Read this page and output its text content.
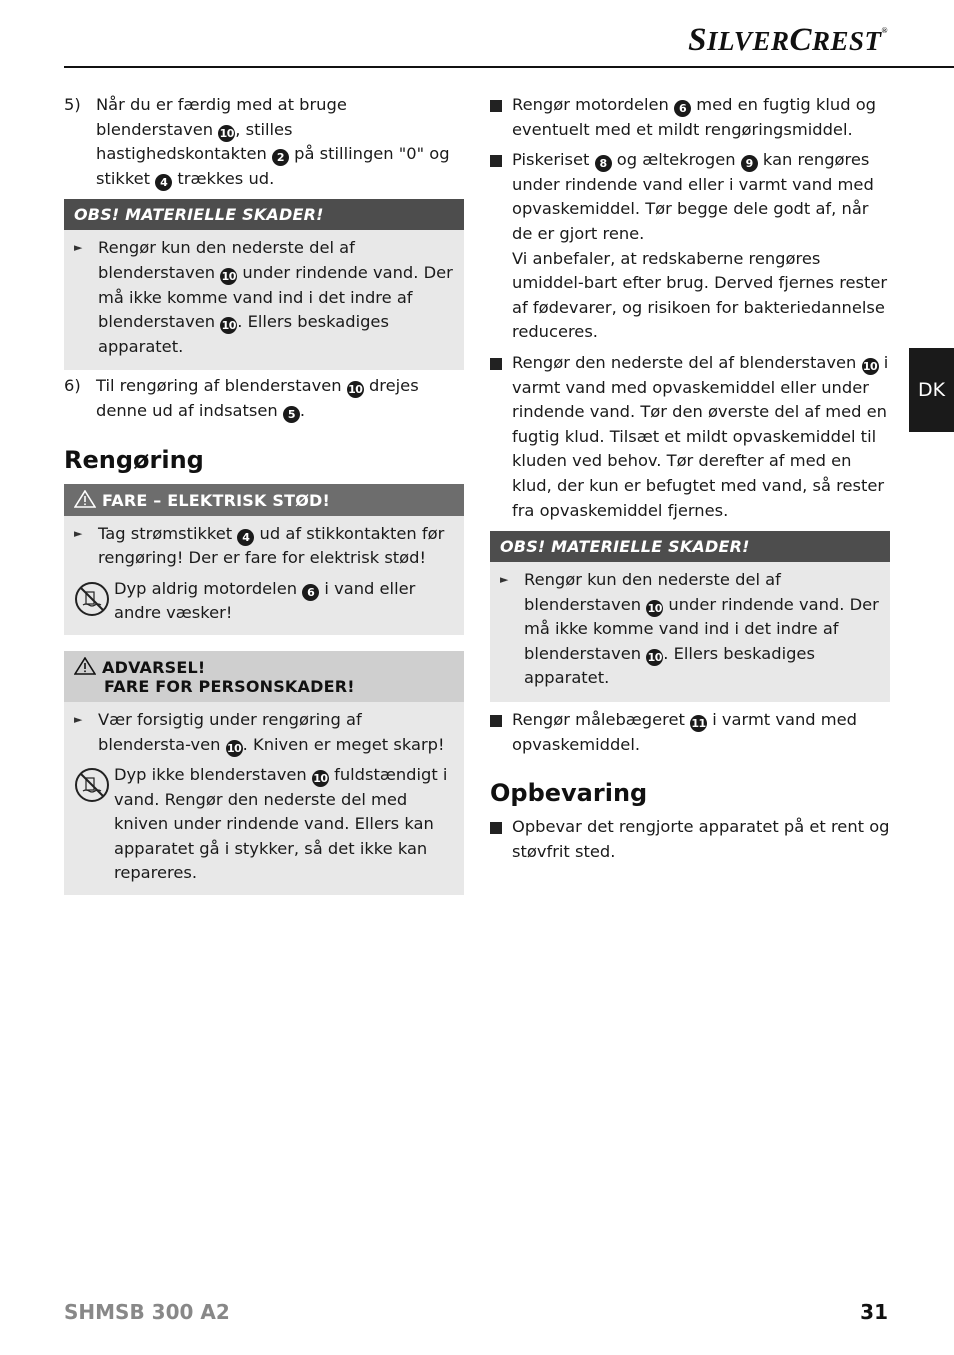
SILVERCREST®
5) Når du er færdig med at bruge blenderstaven 10, stilles hastighedskontakten 2 på stillingen "0" og stikket 4 trækkes ud.
OBS! MATERIELLE SKADER!
► Rengør kun den nederste del af blenderstaven 10 under rindende vand. Der må ikke komme vand ind i det indre af blenderstaven 10. Ellers beskadiges apparatet.
6) Til rengøring af blenderstaven 10 drejes denne ud af indsatsen 5 .
Rengøring
FARE – ELEKTRISK STØD!
► Tag strømstikket 4 ud af stikkontakten før rengøring! Der er fare for elektrisk stød!
Dyp aldrig motordelen 6 i vand eller andre væsker!
ADVARSEL!
FARE FOR PERSONSKADER!
► Vær forsigtig under rengøring af blendersta-ven 10. Kniven er meget skarp!
Dyp ikke blenderstaven 10 fuldstændigt i vand. Rengør den nederste del med kniven under rindende vand. Ellers kan apparatet gå i stykker, så det ikke kan repareres.
Rengør motordelen 6 med en fugtig klud og eventuelt med et mildt rengøringsmiddel.
Piskeriset 8 og æltekrogen 9 kan rengøres under rindende vand eller i varmt vand med opvaskemiddel. Tør begge dele godt af, når de er gjort rene.
Vi anbefaler, at redskaberne rengøres umiddel-bart efter brug. Derved fjernes rester af fødevarer, og risikoen for bakteriedannelse reduceres.
Rengør den nederste del af blenderstaven 10 i varmt vand med opvaskemiddel eller under rindende vand. Tør den øverste del af med en fugtig klud. Tilsæt et mildt opvaskemiddel til kluden ved behov. Tør derefter af med en klud, der kun er befugtet med vand, så rester fra opvaskemiddel fjernes.
OBS! MATERIELLE SKADER!
► Rengør kun den nederste del af blenderstaven 10 under rindende vand. Der må ikke komme vand ind i det indre af blenderstaven 10. Ellers beskadiges apparatet.
Rengør målebægeret 11 i varmt vand med opvaskemiddel.
Opbevaring
Opbevar det rengjorte apparatet på et rent og støvfrit sted.
DK
SHMSB 300 A2	31
